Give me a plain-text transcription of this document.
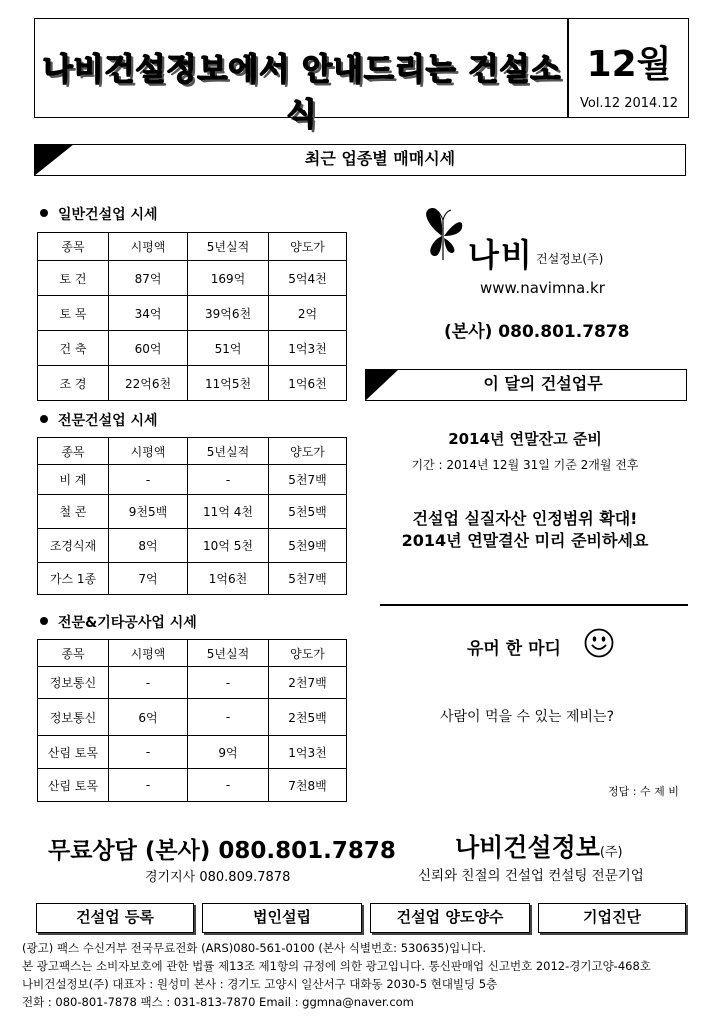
나비건설정보에서 안내드리는 건설소식
12월
Vol.12 2014.12
최근 업종별 매매시세
일반건설업 시세
종목	시평액	5년실적	양도가
토 건	87억	169억	5억4천
토 목	34억	39억6천	2억
건 축	60억	51억	1억3천
조 경	22억6천	11억5천	1억6천
전문건설업 시세
종목	시평액	5년실적	양도가
비 계	-	-	5천7백
철 콘	9천5백	11억 4천	5천5백
조경식재	8억	10억 5천	5천9백
가스 1종	7억	1억6천	5천7백
전문&기타공사업 시세
종목	시평액	5년실적	양도가
정보통신	-	-	2천7백
정보통신	6억	-	2천5백
산림 토목	-	9억	1억3천
산림 토목	-	-	7천8백
나비 건설정보(주)
www.navimna.kr
(본사) 080.801.7878
이 달의 건설업무
2014년 연말잔고 준비
기간 : 2014년 12월 31일 기준 2개월 전후
건설업 실질자산 인정범위 확대!
2014년 연말결산 미리 준비하세요
유머 한 마디
사람이 먹을 수 있는 제비는?
정답 : 수 제 비
무료상담 (본사) 080.801.7878
경기지사 080.809.7878
나비건설정보(주)
신뢰와 친절의 건설업 컨설팅 전문기업
건설업 등록	법인설립	건설업 양도양수	기업진단
(광고) 팩스 수신거부 전국무료전화 (ARS)080-561-0100 (본사 식별번호: 530635)입니다.
본 광고팩스는 소비자보호에 관한 법률 제13조 제1항의 규정에 의한 광고입니다. 통신판매업 신고번호 2012-경기고양-468호
나비건설정보(주) 대표자 : 원성미 본사 : 경기도 고양시 일산서구 대화동 2030-5 현대빌딩 5층
전화 : 080-801-7878 팩스 : 031-813-7870 Email : ggmna@naver.com
